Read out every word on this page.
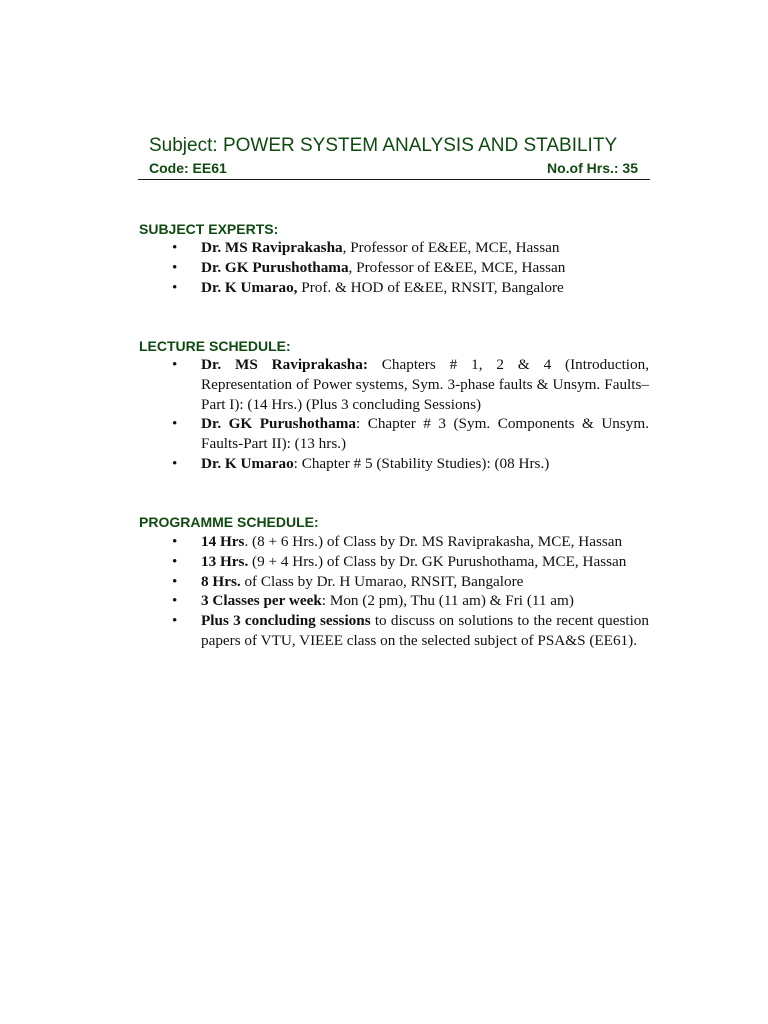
Subject: POWER SYSTEM ANALYSIS AND STABILITY
Code: EE61	No.of Hrs.: 35
SUBJECT EXPERTS:
• Dr. MS Raviprakasha, Professor of E&EE, MCE, Hassan
• Dr. GK Purushothama, Professor of E&EE, MCE, Hassan
• Dr. K Umarao, Prof. & HOD of E&EE, RNSIT, Bangalore
LECTURE SCHEDULE:
• Dr. MS Raviprakasha: Chapters # 1, 2 & 4 (Introduction, Representation of Power systems, Sym. 3-phase faults & Unsym. Faults– Part I): (14 Hrs.) (Plus 3 concluding Sessions)
• Dr. GK Purushothama: Chapter # 3 (Sym. Components & Unsym. Faults-Part II): (13 hrs.)
• Dr. K Umarao: Chapter # 5 (Stability Studies): (08 Hrs.)
PROGRAMME SCHEDULE:
• 14 Hrs. (8 + 6 Hrs.) of Class by Dr. MS Raviprakasha, MCE, Hassan
• 13 Hrs. (9 + 4 Hrs.) of Class by Dr. GK Purushothama, MCE, Hassan
• 8 Hrs. of Class by Dr. H Umarao, RNSIT, Bangalore
• 3 Classes per week: Mon (2 pm), Thu (11 am) & Fri (11 am)
• Plus 3 concluding sessions to discuss on solutions to the recent question papers of VTU, VIEEE class on the selected subject of PSA&S (EE61).
